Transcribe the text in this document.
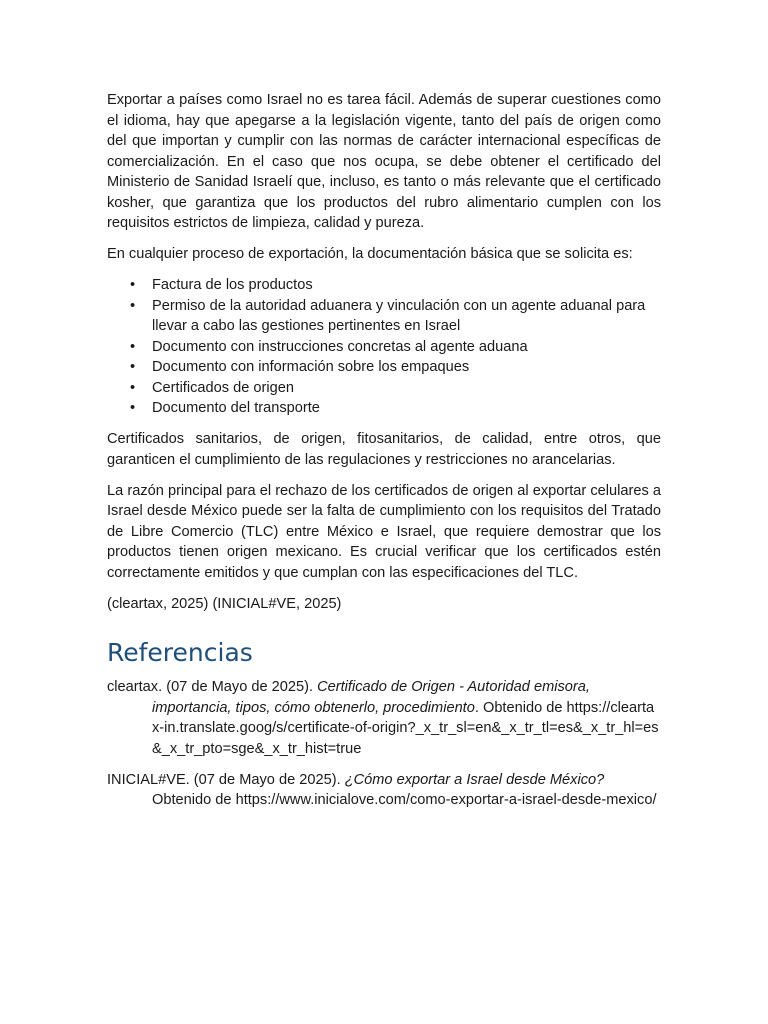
Exportar a países como Israel no es tarea fácil. Además de superar cuestiones como el idioma, hay que apegarse a la legislación vigente, tanto del país de origen como del que importan y cumplir con las normas de carácter internacional específicas de comercialización. En el caso que nos ocupa, se debe obtener el certificado del Ministerio de Sanidad Israelí que, incluso, es tanto o más relevante que el certificado kosher, que garantiza que los productos del rubro alimentario cumplen con los requisitos estrictos de limpieza, calidad y pureza.

En cualquier proceso de exportación, la documentación básica que se solicita es:

• Factura de los productos
• Permiso de la autoridad aduanera y vinculación con un agente aduanal para llevar a cabo las gestiones pertinentes en Israel
• Documento con instrucciones concretas al agente aduana
• Documento con información sobre los empaques
• Certificados de origen
• Documento del transporte

Certificados sanitarios, de origen, fitosanitarios, de calidad, entre otros, que garanticen el cumplimiento de las regulaciones y restricciones no arancelarias.

La razón principal para el rechazo de los certificados de origen al exportar celulares a Israel desde México puede ser la falta de cumplimiento con los requisitos del Tratado de Libre Comercio (TLC) entre México e Israel, que requiere demostrar que los productos tienen origen mexicano. Es crucial verificar que los certificados estén correctamente emitidos y que cumplan con las especificaciones del TLC.

(cleartax, 2025) (INICIAL#VE, 2025)

Referencias

cleartax. (07 de Mayo de 2025). Certificado de Origen - Autoridad emisora, importancia, tipos, cómo obtenerlo, procedimiento. Obtenido de https://cleartax-in.translate.goog/s/certificate-of-origin?_x_tr_sl=en&_x_tr_tl=es&_x_tr_hl=es&_x_tr_pto=sge&_x_tr_hist=true

INICIAL#VE. (07 de Mayo de 2025). ¿Cómo exportar a Israel desde México? Obtenido de https://www.inicialove.com/como-exportar-a-israel-desde-mexico/
